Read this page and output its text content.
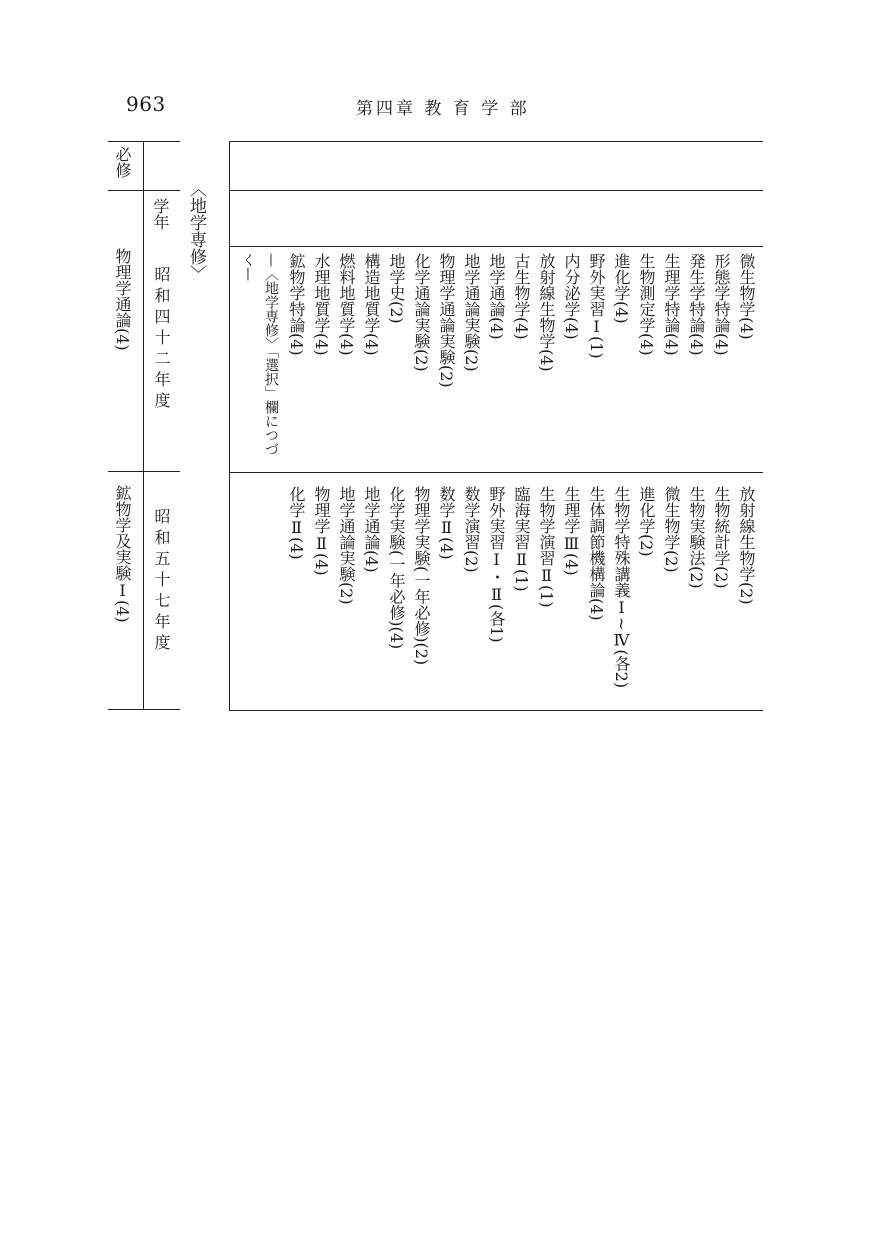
963	第四章 教 育 学 部
必修
学年
昭和四十二年度
物理学通論(4)
昭和五十七年度
鉱物学及実験Ⅰ(4)
〈地学専修〉
微生物学(4)
形態学特論(4)
発生学特論(4)
生理学特論(4)
生物測定学(4)
進化学(4)
野外実習Ⅰ(1)
内分泌学(4)
放射線生物学(4)
古生物学(4)
地学通論(4)
地学通論実験(2)
物理学通論実験(2)
化学通論実験(2)
地学史(2)
構造地質学(4)
燃料地質学(4)
水理地質学(4)
鉱物学特論(4)
—〈地学専修〉「選択」欄につづ
く—
放射線生物学(2)
生物統計学(2)
生物実験法(2)
微生物学(2)
進化学(2)
生物学特殊講義Ⅰ~Ⅳ(各2)
生体調節機構論(4)
生理学Ⅲ(4)
生物学演習Ⅱ(1)
臨海実習Ⅱ(1)
野外実習Ⅰ・Ⅱ(各1)
数学演習(2)
数学Ⅱ(4)
物理学実験(一年必修)(2)
化学実験(一年必修)(4)
地学通論(4)
地学通論実験(2)
物理学Ⅱ(4)
化学Ⅱ(4)
